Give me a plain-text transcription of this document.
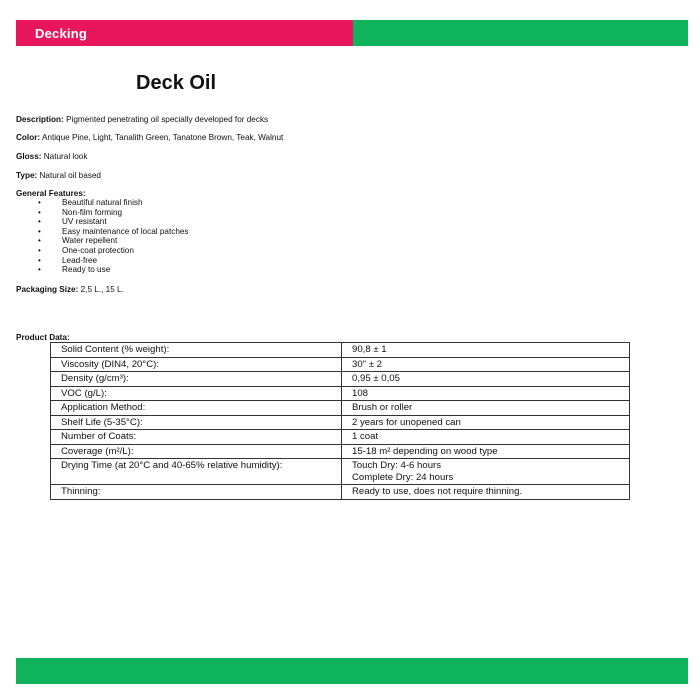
Decking
Deck Oil
Description: Pigmented penetrating oil specially developed for decks
Color: Antique Pine, Light, Tanalith Green, Tanatone Brown, Teak, Walnut
Gloss: Natural look
Type: Natural oil based
General Features:
• Beautiful natural finish
• Non-film forming
• UV resistant
• Easy maintenance of local patches
• Water repellent
• One-coat protection
• Lead-free
• Ready to use
Packaging Size: 2,5 L., 15 L.
Product Data:
Solid Content (% weight):	90,8 ± 1
Viscosity (DIN4, 20°C):	30" ± 2
Density (g/cm³):	0,95 ± 0,05
VOC (g/L):	108
Application Method:	Brush or roller
Shelf Life (5-35°C):	2 years for unopened can
Number of Coats:	1 coat
Coverage (m²/L):	15-18 m² depending on wood type
Drying Time (at 20°C and 40-65% relative humidity):	Touch Dry: 4-6 hours
Complete Dry: 24 hours

Thinning:	Ready to use, does not require thinning.
